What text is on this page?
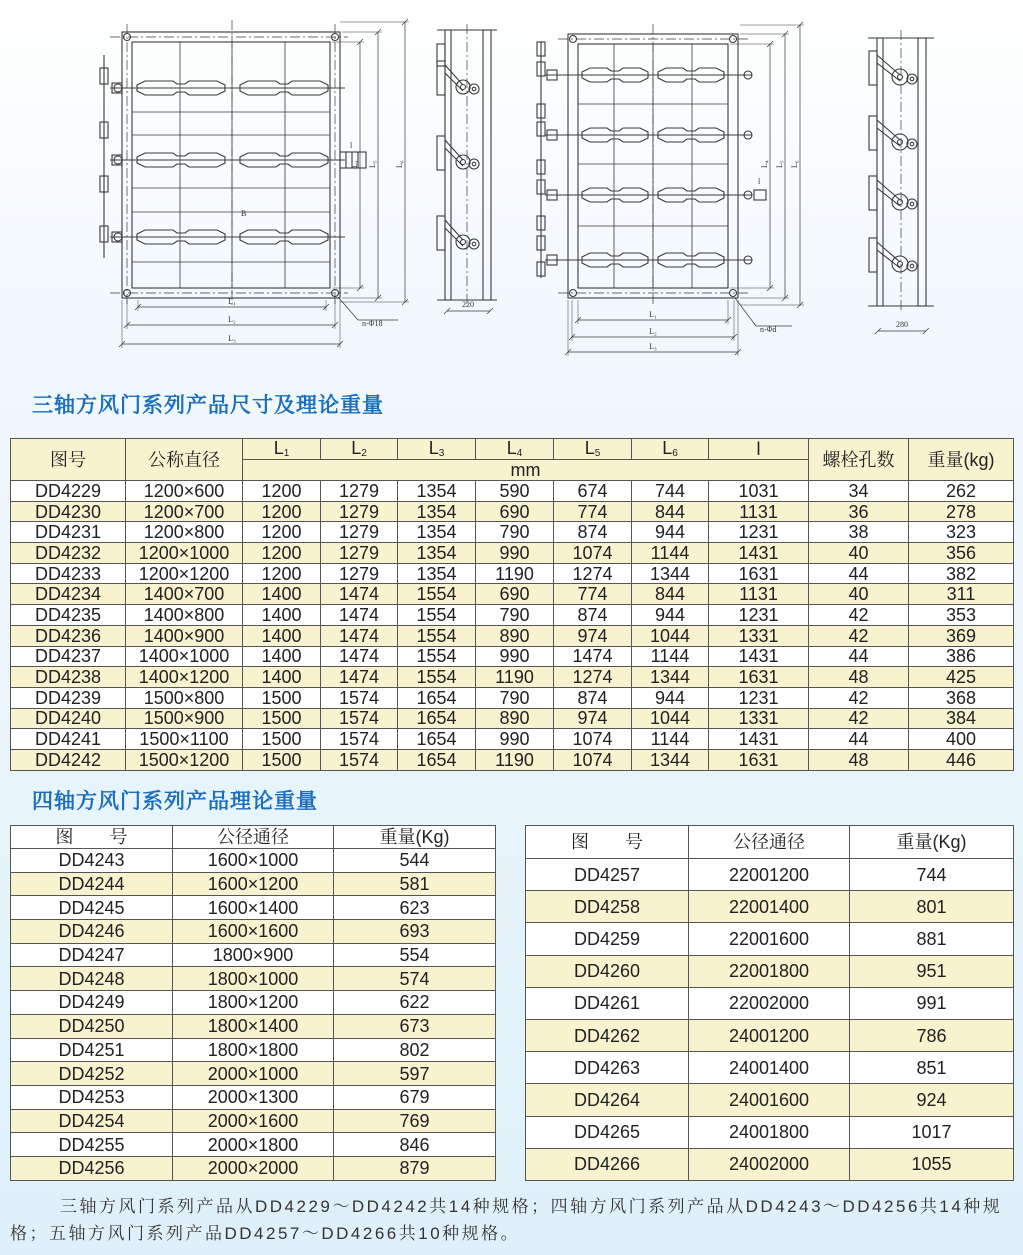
L₁
L₂
L₃
L₄ L₅ L₆
l
B
n-Φ18
220
L₁
L₂
L₃
L₄ L₅ L₆
l
n-Φd
280
三轴方风门系列产品尺寸及理论重量
图号	公称直径	$L_1$	$L_2$	$L_3$	$L_4$	$L_5$	$L_6$	l	螺栓孔数	重量(kg)
		mm								
DD4229	1200×600	1200	1279	1354	590	674	744	1031	34	262
DD4230	1200×700	1200	1279	1354	690	774	844	1131	36	278
DD4231	1200×800	1200	1279	1354	790	874	944	1231	38	323
DD4232	1200×1000	1200	1279	1354	990	1074	1144	1431	40	356
DD4233	1200×1200	1200	1279	1354	1190	1274	1344	1631	44	382
DD4234	1400×700	1400	1474	1554	690	774	844	1131	40	311
DD4235	1400×800	1400	1474	1554	790	874	944	1231	42	353
DD4236	1400×900	1400	1474	1554	890	974	1044	1331	42	369
DD4237	1400×1000	1400	1474	1554	990	1474	1144	1431	44	386
DD4238	1400×1200	1400	1474	1554	1190	1274	1344	1631	48	425
DD4239	1500×800	1500	1574	1654	790	874	944	1231	42	368
DD4240	1500×900	1500	1574	1654	890	974	1044	1331	42	384
DD4241	1500×1100	1500	1574	1654	990	1074	1144	1431	44	400
DD4242	1500×1200	1500	1574	1654	1190	1074	1344	1631	48	446
四轴方风门系列产品理论重量
图　　号	公径通径	重量(Kg)
DD4243	1600×1000	544
DD4244	1600×1200	581
DD4245	1600×1400	623
DD4246	1600×1600	693
DD4247	1800×900	554
DD4248	1800×1000	574
DD4249	1800×1200	622
DD4250	1800×1400	673
DD4251	1800×1800	802
DD4252	2000×1000	597
DD4253	2000×1300	679
DD4254	2000×1600	769
DD4255	2000×1800	846
DD4256	2000×2000	879
图　　号	公径通径	重量(Kg)
DD4257	22001200	744
DD4258	22001400	801
DD4259	22001600	881
DD4260	22001800	951
DD4261	22002000	991
DD4262	24001200	786
DD4263	24001400	851
DD4264	24001600	924
DD4265	24001800	1017
DD4266	24002000	1055

三轴方风门系列产品从DD4229～DD4242共14种规格；四轴方风门系列产品从DD4243～DD4256共14种规格；五轴方风门系列产品DD4257～DD4266共10种规格。
